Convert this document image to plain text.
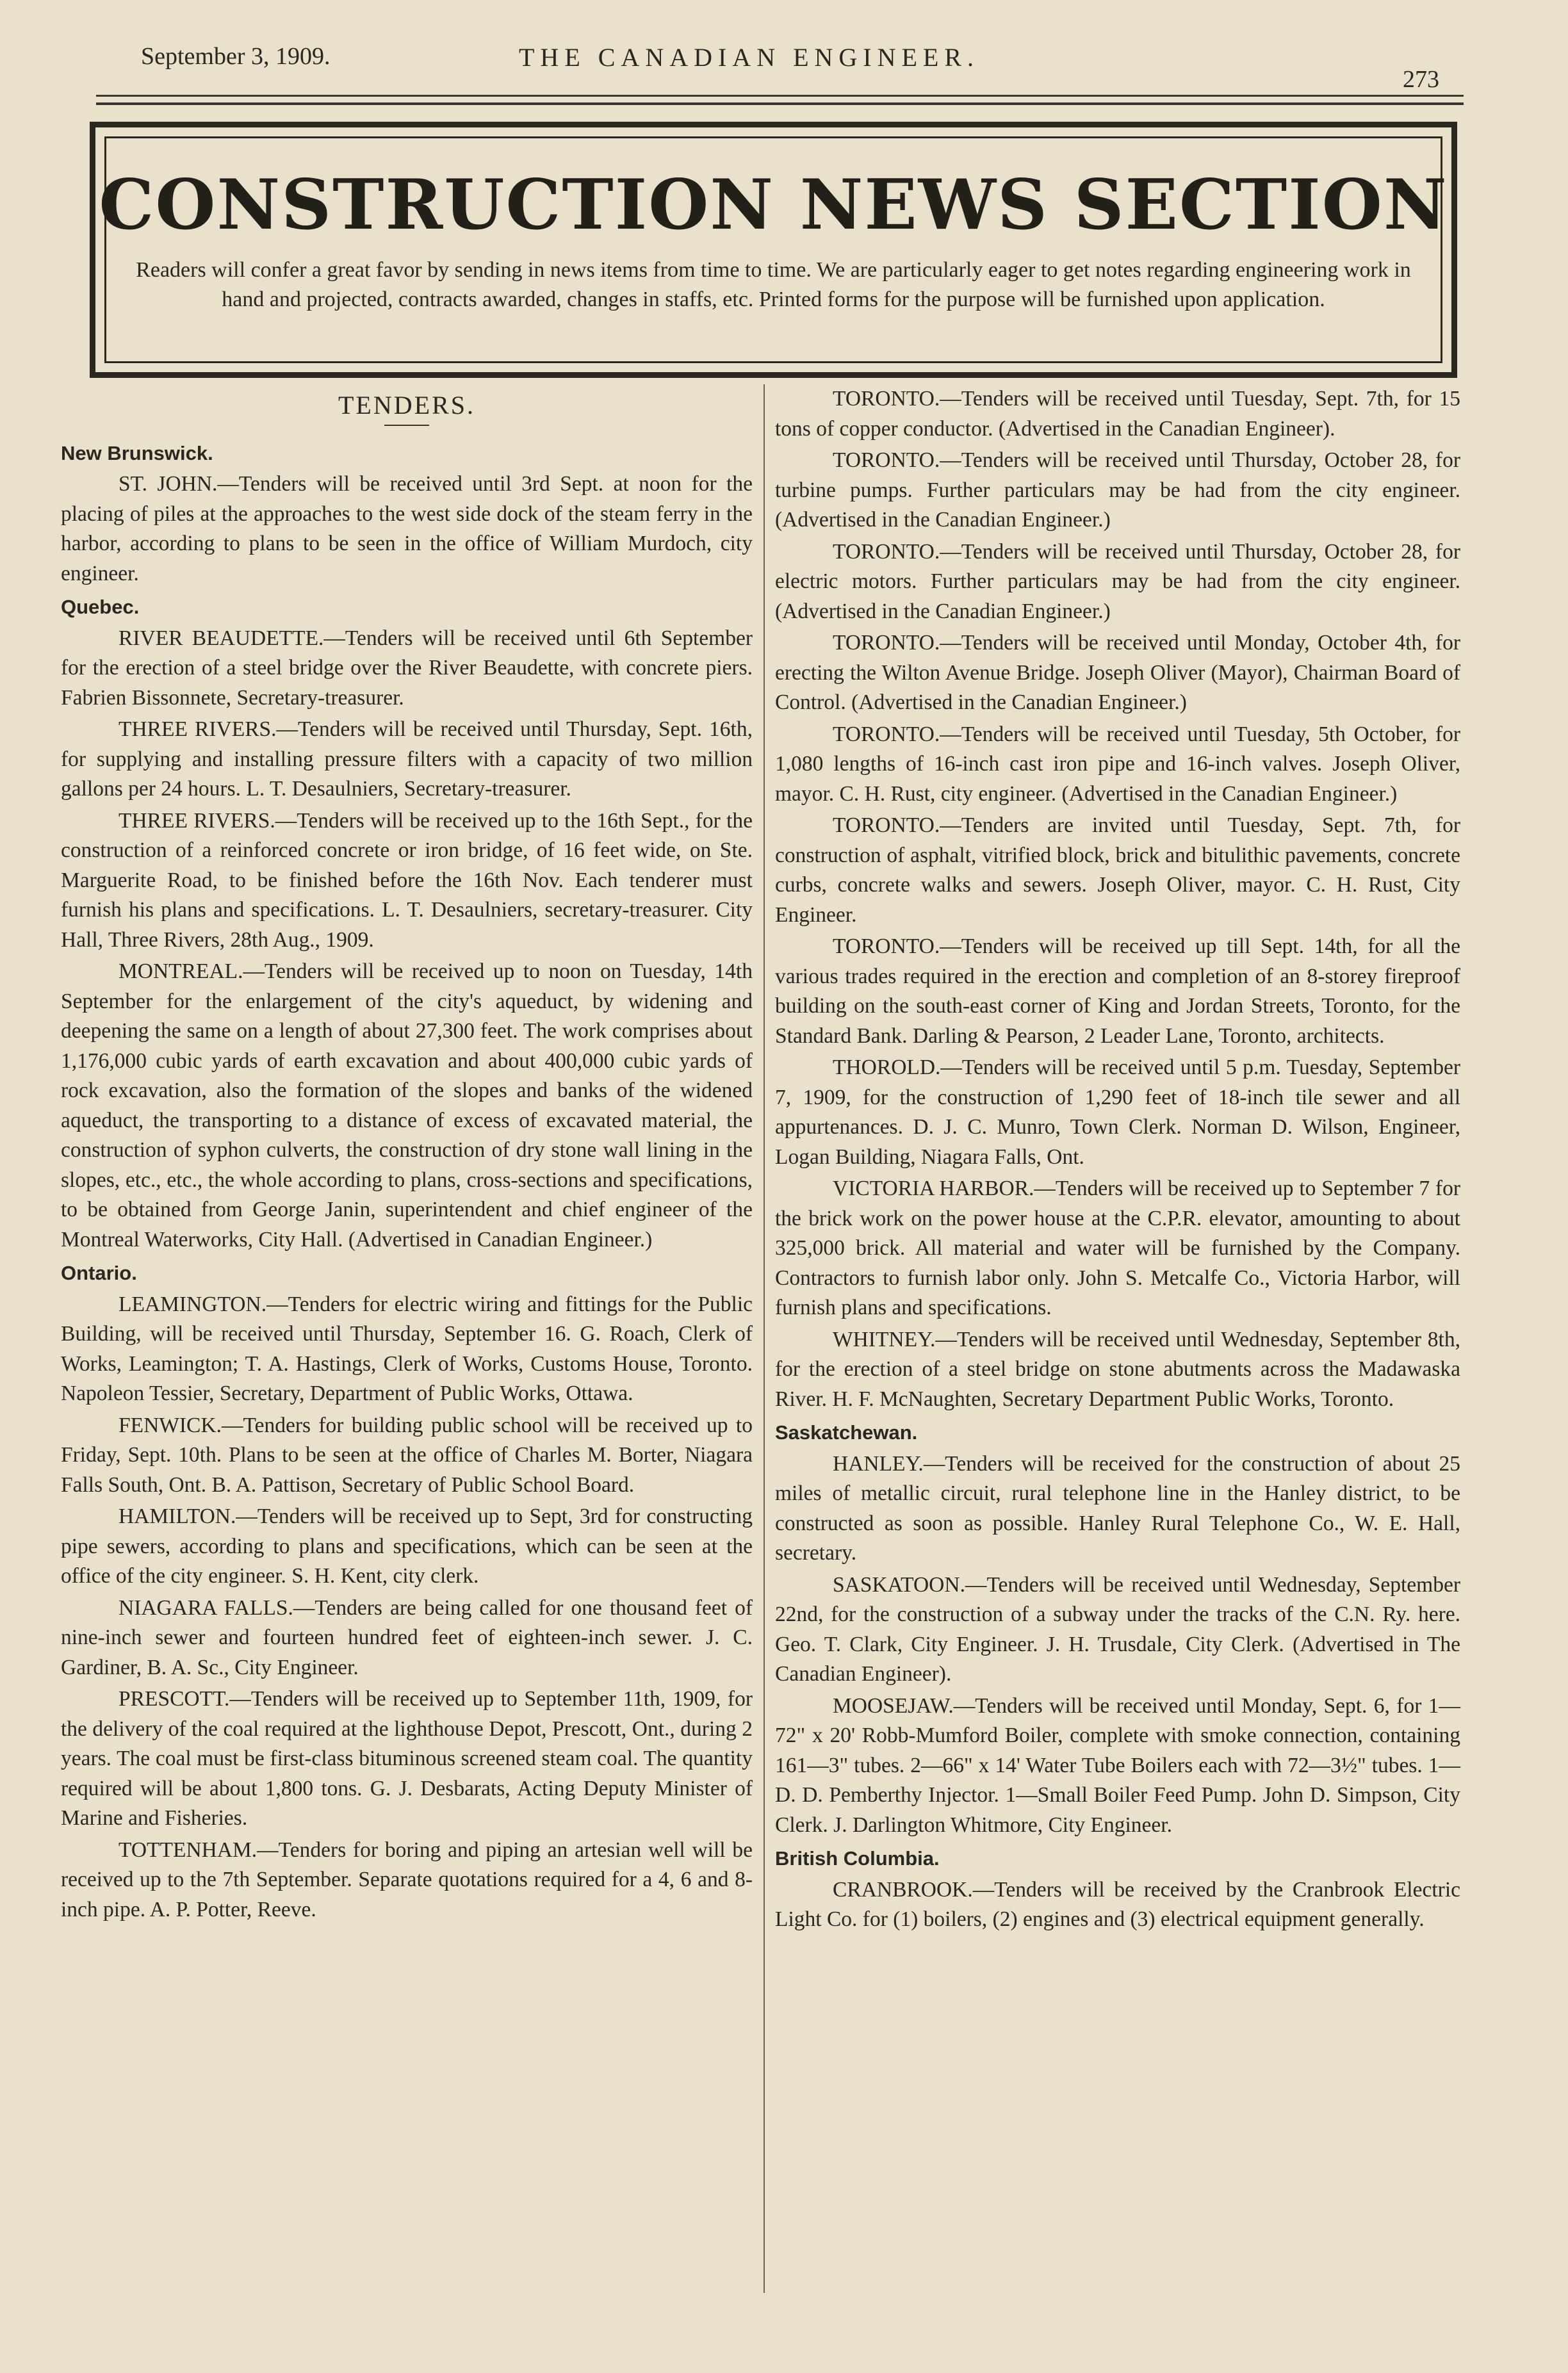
September 3, 1909.	THE CANADIAN ENGINEER.
273
CONSTRUCTION NEWS SECTION
Readers will confer a great favor by sending in news items from time to time. We are particularly eager to get notes regarding engineering work in hand and projected, contracts awarded, changes in staffs, etc. Printed forms for the purpose will be furnished upon application.
TENDERS.
New Brunswick.
ST. JOHN.—Tenders will be received until 3rd Sept. at noon for the placing of piles at the approaches to the west side dock of the steam ferry in the harbor, according to plans to be seen in the office of William Murdoch, city engineer.
Quebec.
RIVER BEAUDETTE.—Tenders will be received until 6th September for the erection of a steel bridge over the River Beaudette, with concrete piers. Fabrien Bissonnete, Secretary-treasurer.
THREE RIVERS.—Tenders will be received until Thursday, Sept. 16th, for supplying and installing pressure filters with a capacity of two million gallons per 24 hours. L. T. Desaulniers, Secretary-treasurer.
THREE RIVERS.—Tenders will be received up to the 16th Sept., for the construction of a reinforced concrete or iron bridge, of 16 feet wide, on Ste. Marguerite Road, to be finished before the 16th Nov. Each tenderer must furnish his plans and specifications. L. T. Desaulniers, secretary-treasurer. City Hall, Three Rivers, 28th Aug., 1909.
MONTREAL.—Tenders will be received up to noon on Tuesday, 14th September for the enlargement of the city's aqueduct, by widening and deepening the same on a length of about 27,300 feet. The work comprises about 1,176,000 cubic yards of earth excavation and about 400,000 cubic yards of rock excavation, also the formation of the slopes and banks of the widened aqueduct, the transporting to a distance of excess of excavated material, the construction of syphon culverts, the construction of dry stone wall lining in the slopes, etc., etc., the whole according to plans, cross-sections and specifications, to be obtained from George Janin, superintendent and chief engineer of the Montreal Waterworks, City Hall. (Advertised in Canadian Engineer.)
Ontario.
LEAMINGTON.—Tenders for electric wiring and fittings for the Public Building, will be received until Thursday, September 16. G. Roach, Clerk of Works, Leamington; T. A. Hastings, Clerk of Works, Customs House, Toronto. Napoleon Tessier, Secretary, Department of Public Works, Ottawa.
FENWICK.—Tenders for building public school will be received up to Friday, Sept. 10th. Plans to be seen at the office of Charles M. Borter, Niagara Falls South, Ont. B. A. Pattison, Secretary of Public School Board.
HAMILTON.—Tenders will be received up to Sept, 3rd for constructing pipe sewers, according to plans and specifications, which can be seen at the office of the city engineer. S. H. Kent, city clerk.
NIAGARA FALLS.—Tenders are being called for one thousand feet of nine-inch sewer and fourteen hundred feet of eighteen-inch sewer. J. C. Gardiner, B. A. Sc., City Engineer.
PRESCOTT.—Tenders will be received up to September 11th, 1909, for the delivery of the coal required at the lighthouse Depot, Prescott, Ont., during 2 years. The coal must be first-class bituminous screened steam coal. The quantity required will be about 1,800 tons. G. J. Desbarats, Acting Deputy Minister of Marine and Fisheries.
TOTTENHAM.—Tenders for boring and piping an artesian well will be received up to the 7th September. Separate quotations required for a 4, 6 and 8-inch pipe. A. P. Potter, Reeve.
TORONTO.—Tenders will be received until Tuesday, Sept. 7th, for 15 tons of copper conductor. (Advertised in the Canadian Engineer).
TORONTO.—Tenders will be received until Thursday, October 28, for turbine pumps. Further particulars may be had from the city engineer. (Advertised in the Canadian Engineer.)
TORONTO.—Tenders will be received until Thursday, October 28, for electric motors. Further particulars may be had from the city engineer. (Advertised in the Canadian Engineer.)
TORONTO.—Tenders will be received until Monday, October 4th, for erecting the Wilton Avenue Bridge. Joseph Oliver (Mayor), Chairman Board of Control. (Advertised in the Canadian Engineer.)
TORONTO.—Tenders will be received until Tuesday, 5th October, for 1,080 lengths of 16-inch cast iron pipe and 16-inch valves. Joseph Oliver, mayor. C. H. Rust, city engineer. (Advertised in the Canadian Engineer.)
TORONTO.—Tenders are invited until Tuesday, Sept. 7th, for construction of asphalt, vitrified block, brick and bitulithic pavements, concrete curbs, concrete walks and sewers. Joseph Oliver, mayor. C. H. Rust, City Engineer.
TORONTO.—Tenders will be received up till Sept. 14th, for all the various trades required in the erection and completion of an 8-storey fireproof building on the south-east corner of King and Jordan Streets, Toronto, for the Standard Bank. Darling & Pearson, 2 Leader Lane, Toronto, architects.
THOROLD.—Tenders will be received until 5 p.m. Tuesday, September 7, 1909, for the construction of 1,290 feet of 18-inch tile sewer and all appurtenances. D. J. C. Munro, Town Clerk. Norman D. Wilson, Engineer, Logan Building, Niagara Falls, Ont.
VICTORIA HARBOR.—Tenders will be received up to September 7 for the brick work on the power house at the C.P.R. elevator, amounting to about 325,000 brick. All material and water will be furnished by the Company. Contractors to furnish labor only. John S. Metcalfe Co., Victoria Harbor, will furnish plans and specifications.
WHITNEY.—Tenders will be received until Wednesday, September 8th, for the erection of a steel bridge on stone abutments across the Madawaska River. H. F. McNaughten, Secretary Department Public Works, Toronto.
Saskatchewan.
HANLEY.—Tenders will be received for the construction of about 25 miles of metallic circuit, rural telephone line in the Hanley district, to be constructed as soon as possible. Hanley Rural Telephone Co., W. E. Hall, secretary.
SASKATOON.—Tenders will be received until Wednesday, September 22nd, for the construction of a subway under the tracks of the C.N. Ry. here. Geo. T. Clark, City Engineer. J. H. Trusdale, City Clerk. (Advertised in The Canadian Engineer).
MOOSEJAW.—Tenders will be received until Monday, Sept. 6, for 1—72" x 20' Robb-Mumford Boiler, complete with smoke connection, containing 161—3" tubes. 2—66" x 14' Water Tube Boilers each with 72—3½" tubes. 1—D. D. Pemberthy Injector. 1—Small Boiler Feed Pump. John D. Simpson, City Clerk. J. Darlington Whitmore, City Engineer.
British Columbia.
CRANBROOK.—Tenders will be received by the Cranbrook Electric Light Co. for (1) boilers, (2) engines and (3) electrical equipment generally.
